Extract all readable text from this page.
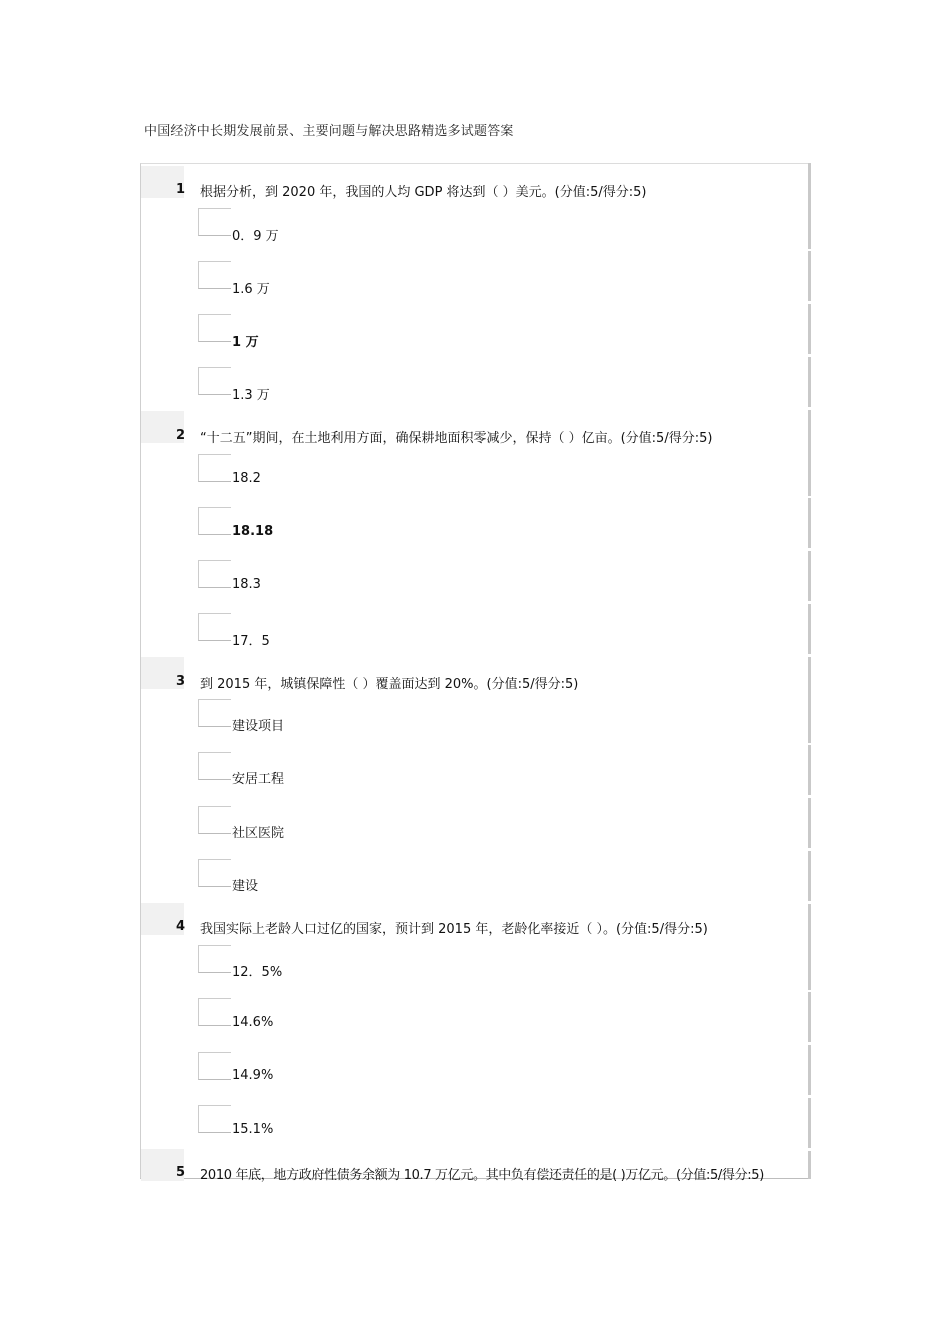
中国经济中长期发展前景、主要问题与解决思路精选多试题答案
1 根据分析，到 2020 年，我国的人均 GDP 将达到（ ）美元。(分值:5/得分:5)
0．9 万
1.6 万
1 万
1.3 万
2 “十二五”期间，在土地利用方面，确保耕地面积零减少，保持（ ）亿亩。(分值:5/得分:5)
18.2
18.18
18.3
17．5
3 到 2015 年，城镇保障性（ ）覆盖面达到 20%。(分值:5/得分:5)
建设项目
安居工程
社区医院
建设
4 我国实际上老龄人口过亿的国家，预计到 2015 年，老龄化率接近（ ）。(分值:5/得分:5)
12．5%
14.6%
14.9%
15.1%
5 2010 年底，地方政府性债务余额为 10.7 万亿元。其中负有偿还责任的是( )万亿元。(分值:5/得分:5)
